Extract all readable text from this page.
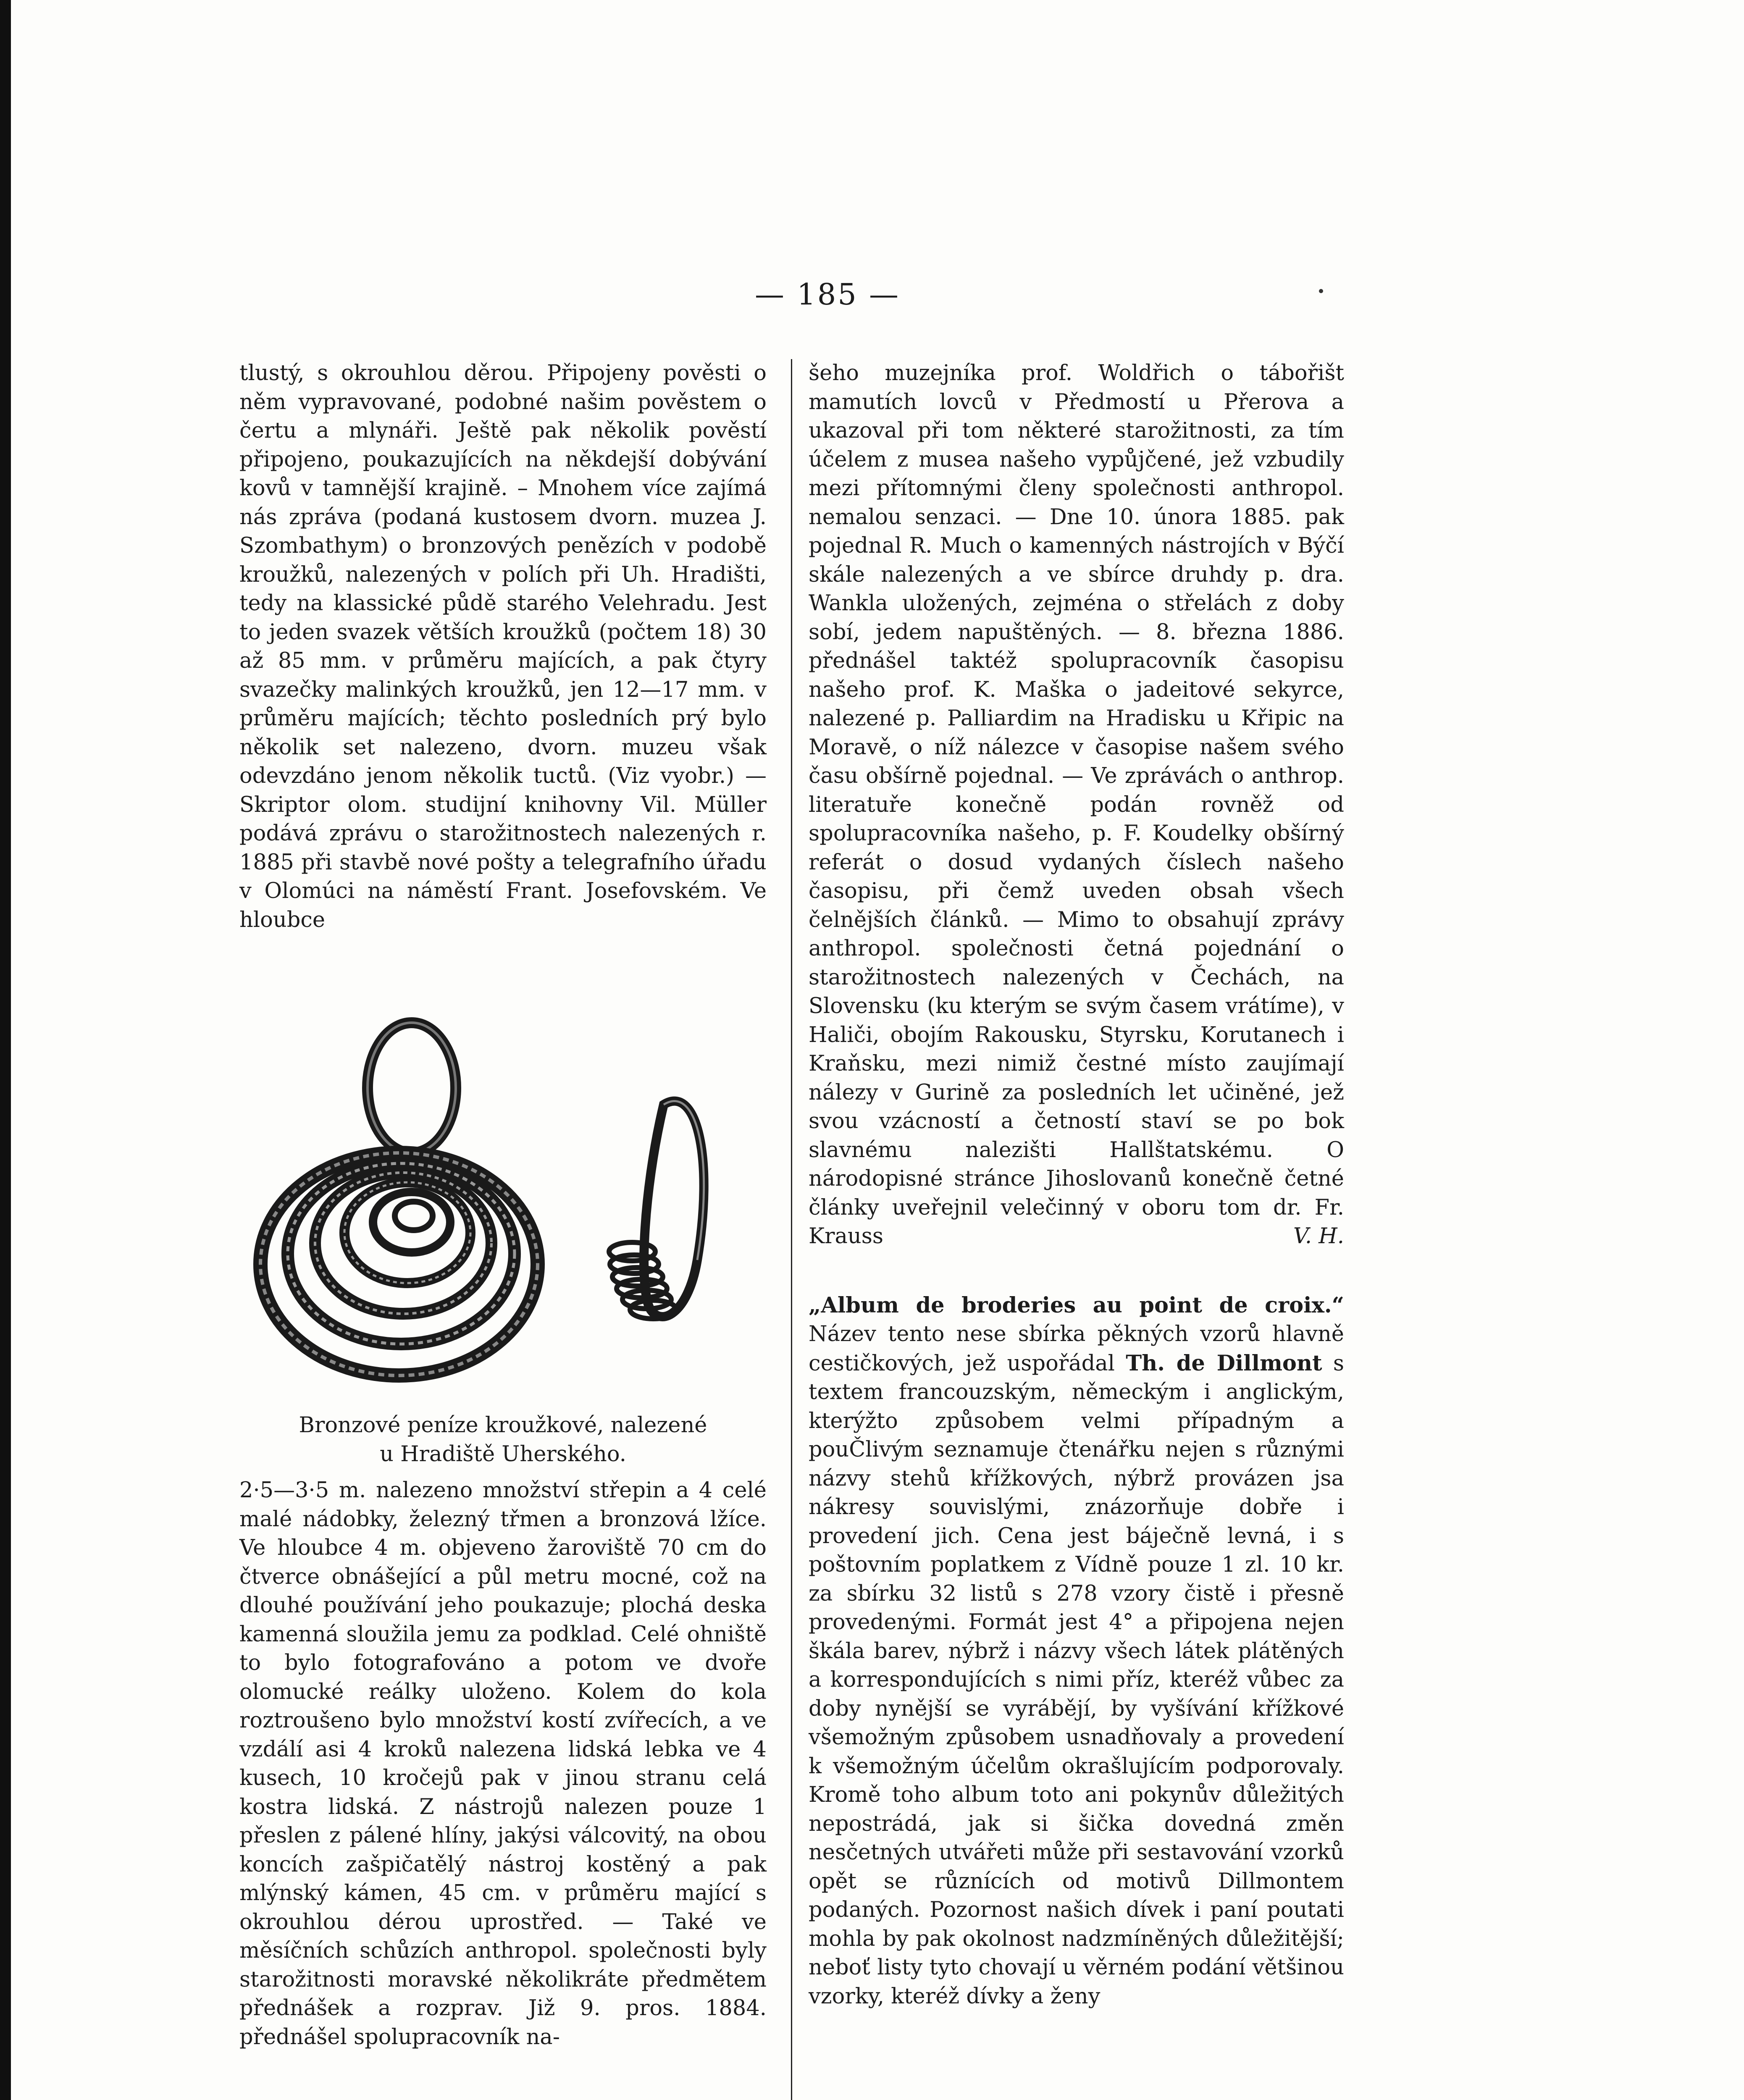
— 185 —

tlustý, s okrouhlou děrou. Připojeny pověsti o něm vypravované, podobné našim pověstem o čertu a mlynáři. Ještě pak několik pověstí připojeno, poukazujících na někdejší dobývání kovů v tamnější krajině. – Mnohem více zajímá nás zpráva (podaná kustosem dvorn. muzea J. Szombathym) o bronzových penězích v podobě kroužků, nalezených v polích při Uh. Hradišti, tedy na klassické půdě starého Velehradu. Jest to jeden svazek větších kroužků (počtem 18) 30 až 85 mm. v průměru majících, a pak čtyry svazečky malinkých kroužků, jen 12—17 mm. v průměru majících; těchto posledních prý bylo několik set nalezeno, dvorn. muzeu však odevzdáno jenom několik tuctů. (Viz vyobr.) — Skriptor olom. studijní knihovny Vil. Müller podává zprávu o starožitnostech nalezených r. 1885 při stavbě nové pošty a telegrafního úřadu v Olomúci na náměstí Frant. Josefovském. Ve hloubce

Bronzové peníze kroužkové, nalezené
u Hradiště Uherského.

2·5—3·5 m. nalezeno množství střepin a 4 celé malé nádobky, železný třmen a bronzová lžíce. Ve hloubce 4 m. objeveno žaroviště 70 cm do čtverce obnášející a půl metru mocné, což na dlouhé používání jeho poukazuje; plochá deska kamenná sloužila jemu za podklad. Celé ohniště to bylo fotografováno a potom ve dvoře olomucké reálky uloženo. Kolem do kola roztroušeno bylo množství kostí zvířecích, a ve vzdálí asi 4 kroků nalezena lidská lebka ve 4 kusech, 10 kročejů pak v jinou stranu celá kostra lidská. Z nástrojů nalezen pouze 1 přeslen z pálené hlíny, jakýsi válcovitý, na obou koncích zašpičatělý nástroj kostěný a pak mlýnský kámen, 45 cm. v průměru mající s okrouhlou dérou uprostřed. — Také ve měsíčních schůzích anthropol. společnosti byly starožitnosti moravské několikráte předmětem přednášek a rozprav. Již 9. pros. 1884. přednášel spolupracovník na-

šeho muzejníka prof. Woldřich o tábořišt mamutích lovců v Předmostí u Přerova a ukazoval při tom některé starožitnosti, za tím účelem z musea našeho vypůjčené, jež vzbudily mezi přítomnými členy společnosti anthropol. nemalou senzaci. — Dne 10. února 1885. pak pojednal R. Much o kamenných nástrojích v Býčí skále nalezených a ve sbírce druhdy p. dra. Wankla uložených, zejména o střelách z doby sobí, jedem napuštěných. — 8. března 1886. přednášel taktéž spolupracovník časopisu našeho prof. K. Maška o jadeitové sekyrce, nalezené p. Palliardim na Hradisku u Křipic na Moravě, o níž nálezce v časopise našem svého času obšírně pojednal. — Ve zprávách o anthrop. literatuře konečně podán rovněž od spolupracovníka našeho, p. F. Koudelky obšírný referát o dosud vydaných číslech našeho časopisu, při čemž uveden obsah všech čelnějších článků. — Mimo to obsahují zprávy anthropol. společnosti četná pojednání o starožitnostech nalezených v Čechách, na Slovensku (ku kterým se svým časem vrátíme), v Haliči, obojím Rakousku, Styrsku, Korutanech i Kraňsku, mezi nimiž čestné místo zaujímají nálezy v Gurině za posledních let učiněné, jež svou vzácností a četností staví se po bok slavnému nalezišti Hallštatskému. O národopisné stránce Jihoslovanů konečně četné články uveřejnil velečinný v oboru tom dr. Fr. Krauss	V. H.

„Album de broderies au point de croix.“ Název tento nese sbírka pěkných vzorů hlavně cestičkových, jež uspořádal Th. de Dillmont s textem francouzským, německým i anglickým, kterýžto způsobem velmi případným a pouČlivým seznamuje čtenářku nejen s různými názvy stehů křížkových, nýbrž provázen jsa nákresy souvislými, znázorňuje dobře i provedení jich. Cena jest báječně levná, i s poštovním poplatkem z Vídně pouze 1 zl. 10 kr. za sbírku 32 listů s 278 vzory čistě i přesně provedenými. Formát jest 4° a připojena nejen škála barev, nýbrž i názvy všech látek plátěných a korrespondujících s nimi příz, kteréž vůbec za doby nynější se vyrábějí, by vyšívání křížkové všemožným způsobem usnadňovaly a provedení k všemožným účelům okrašlujícím podporovaly. Kromě toho album toto ani pokynův důležitých nepostrádá, jak si šička dovedná změn nesčetných utvářeti může při sestavování vzorků opět se různících od motivů Dillmontem podaných. Pozornost našich dívek i paní poutati mohla by pak okolnost nadzmíněných důležitější; neboť listy tyto chovají u věrném podání většinou vzorky, kteréž dívky a ženy
